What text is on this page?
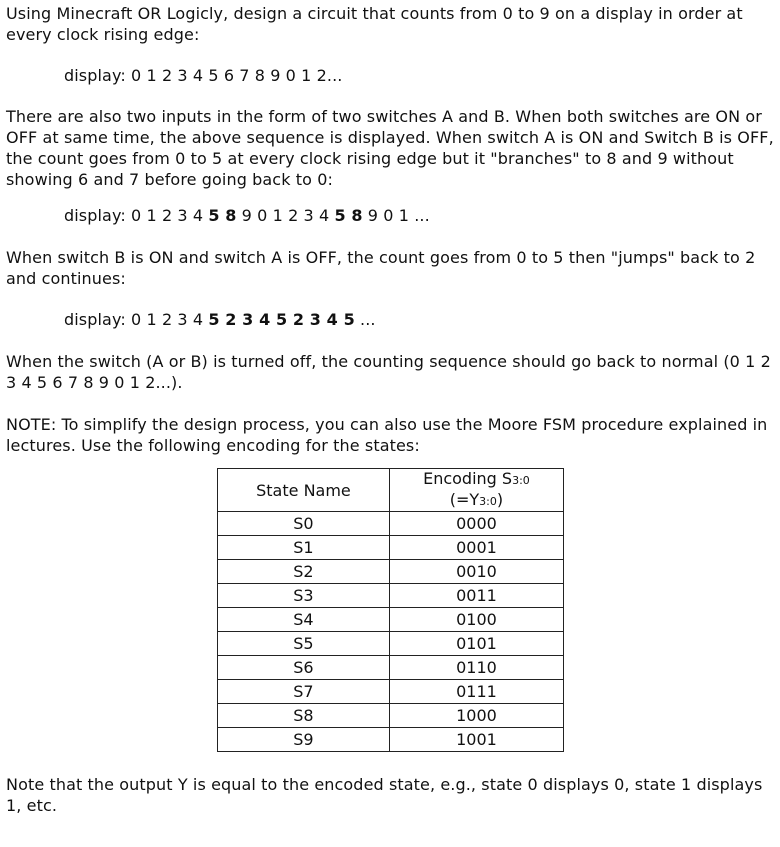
Using Minecraft OR Logicly, design a circuit that counts from 0 to 9 on a display in order at every clock rising edge:

display: 0 1 2 3 4 5 6 7 8 9 0 1 2...

There are also two inputs in the form of two switches A and B. When both switches are ON or OFF at same time, the above sequence is displayed. When switch A is ON and Switch B is OFF, the count goes from 0 to 5 at every clock rising edge but it "branches" to 8 and 9 without showing 6 and 7 before going back to 0:

display: 0 1 2 3 4 5 8 9 0 1 2 3 4 5 8 9 0 1 ...

When switch B is ON and switch A is OFF, the count goes from 0 to 5 then "jumps" back to 2 and continues:

display: 0 1 2 3 4 5 2 3 4 5 2 3 4 5 ...

When the switch (A or B) is turned off, the counting sequence should go back to normal (0 1 2 3 4 5 6 7 8 9 0 1 2...).

NOTE: To simplify the design process, you can also use the Moore FSM procedure explained in lectures. Use the following encoding for the states:

State Name	Encoding S3:0
(=Y3:0)
S0	0000
S1	0001
S2	0010
S3	0011
S4	0100
S5	0101
S6	0110
S7	0111
S8	1000
S9	1001

Note that the output Y is equal to the encoded state, e.g., state 0 displays 0, state 1 displays 1, etc.
